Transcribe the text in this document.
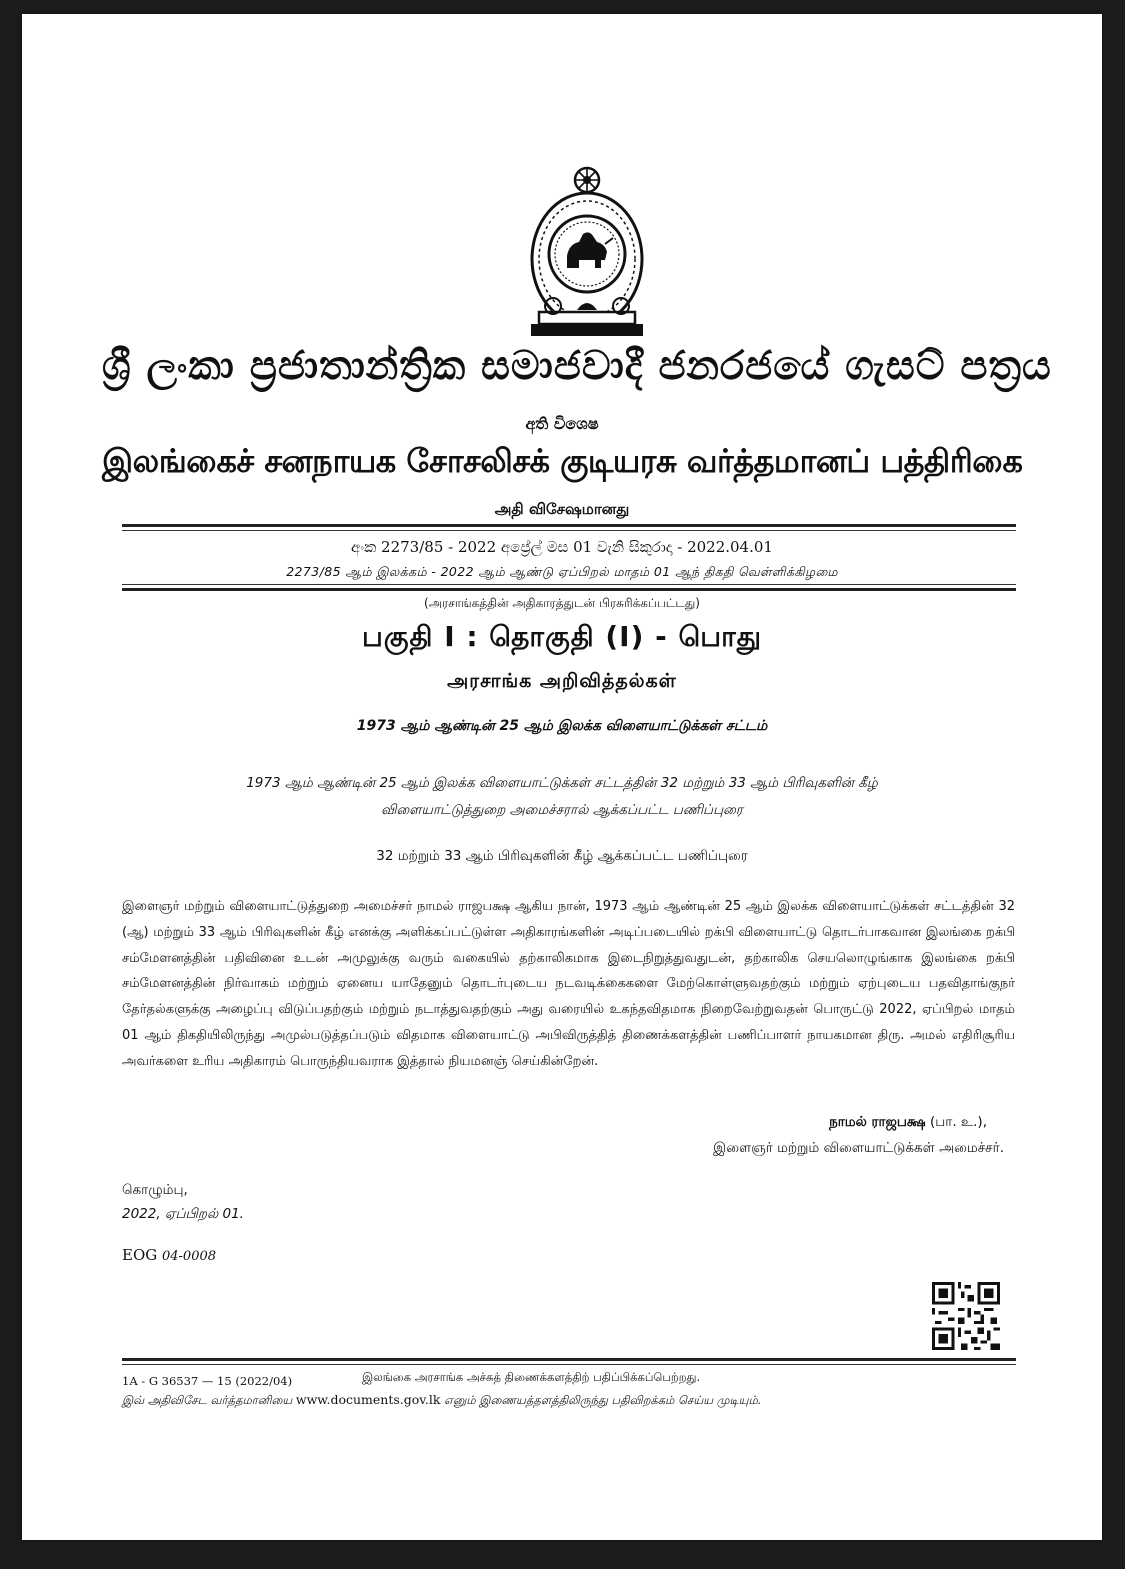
ශ්‍රී ලංකා ප්‍රජාතාන්ත්‍රික සමාජවාදී ජනරජයේ ගැසට් පත්‍රය
අති විශෙෂ
இலங்கைச் சனநாயக சோசலிசக் குடியரசு வர்த்தமானப் பத்திரிகை
அதி விசேஷமானது
අංක 2273/85 - 2022 අප්‍රේල් මස 01 වැනි සිකුරාදා - 2022.04.01
2273/85 ஆம் இலக்கம் - 2022 ஆம் ஆண்டு ஏப்பிறல் மாதம் 01 ஆந் திகதி வெள்ளிக்கிழமை
(அரசாங்கத்தின் அதிகாரத்துடன் பிரசுரிக்கப்பட்டது)
பகுதி I : தொகுதி (I) - பொது
அரசாங்க அறிவித்தல்கள்
1973 ஆம் ஆண்டின் 25 ஆம் இலக்க விளையாட்டுக்கள் சட்டம்
1973 ஆம் ஆண்டின் 25 ஆம் இலக்க விளையாட்டுக்கள் சட்டத்தின் 32 மற்றும் 33 ஆம் பிரிவுகளின் கீழ்
விளையாட்டுத்துறை அமைச்சரால் ஆக்கப்பட்ட பணிப்புரை
32 மற்றும் 33 ஆம் பிரிவுகளின் கீழ் ஆக்கப்பட்ட பணிப்புரை
இளைஞர் மற்றும் விளையாட்டுத்துறை அமைச்சர் நாமல் ராஜபக்ஷ ஆகிய நான், 1973 ஆம் ஆண்டின் 25 ஆம் இலக்க விளையாட்டுக்கள் சட்டத்தின் 32 (ஆ) மற்றும் 33 ஆம் பிரிவுகளின் கீழ் எனக்கு அளிக்கப்பட்டுள்ள அதிகாரங்களின் அடிப்படையில் றக்பி விளையாட்டு தொடர்பாகவான இலங்கை றக்பி சம்மேளனத்தின் பதிவினை உடன் அமுலுக்கு வரும் வகையில் தற்காலிகமாக இடைநிறுத்துவதுடன், தற்காலிக செயலொழுங்காக இலங்கை றக்பி சம்மேளனத்தின் நிர்வாகம் மற்றும் ஏனைய யாதேனும் தொடர்புடைய நடவடிக்கைகளை மேற்கொள்ளுவதற்கும் மற்றும் ஏற்புடைய பதவிதாங்குநர் தேர்தல்களுக்கு அழைப்பு விடுப்பதற்கும் மற்றும் நடாத்துவதற்கும் அது வரையில் உகந்தவிதமாக நிறைவேற்றுவதன் பொருட்டு 2022, ஏப்பிறல் மாதம் 01 ஆம் திகதியிலிருந்து அமுல்படுத்தப்படும் விதமாக விளையாட்டு அபிவிருத்தித் திணைக்களத்தின் பணிப்பாளர் நாயகமான திரு. அமல் எதிரிசூரிய அவர்களை உரிய அதிகாரம் பொருந்தியவராக இத்தால் நியமனஞ் செய்கின்றேன்.
நாமல் ராஜபக்ஷ (பா. உ.),
இளைஞர் மற்றும் விளையாட்டுக்கள் அமைச்சர்.
கொழும்பு,
2022, ஏப்பிறல் 01.
EOG 04-0008
1A - G 36537 — 15 (2022/04)	இலங்கை அரசாங்க அச்சுத் திணைக்களத்திற் பதிப்பிக்கப்பெற்றது.
இவ் அதிவிசேட வர்த்தமானியை www.documents.gov.lk எனும் இணையத்தளத்திலிருந்து பதிவிறக்கம் செய்ய முடியும்.
